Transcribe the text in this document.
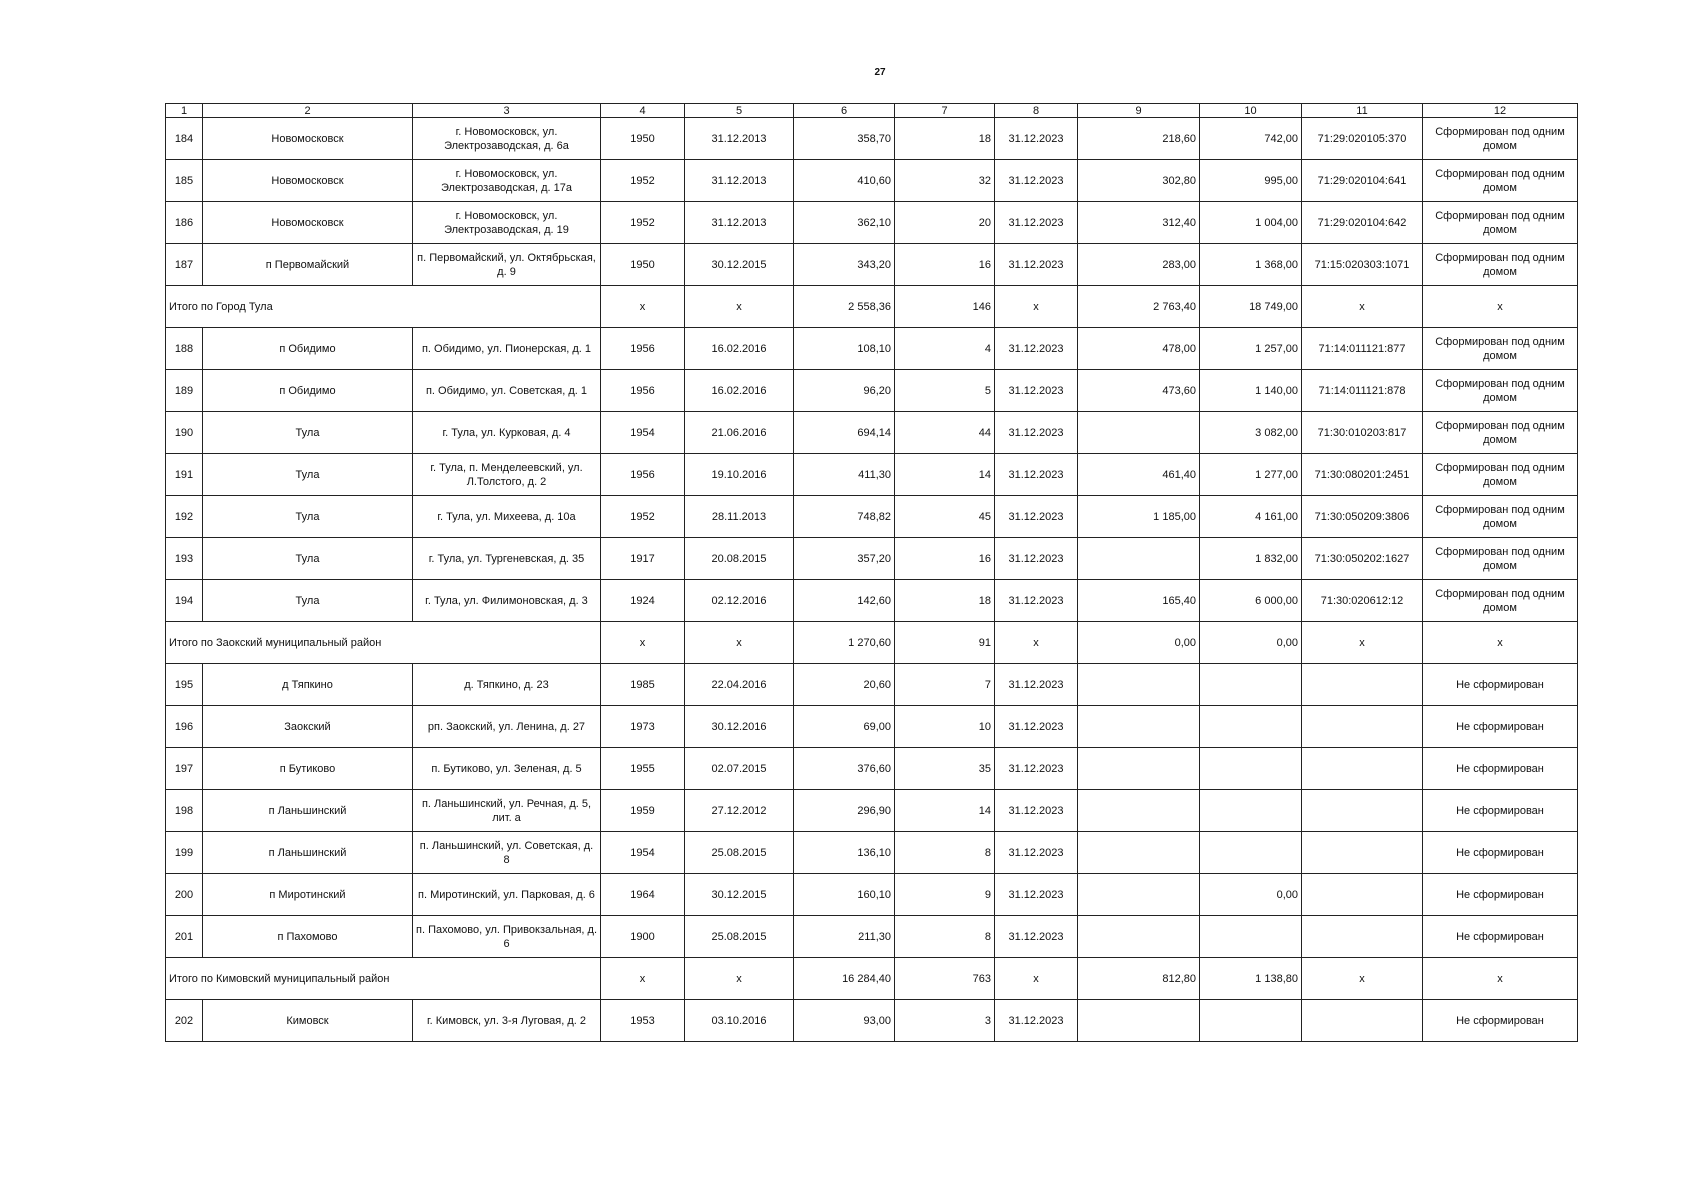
27
1	2	3	4	5	6	7	8	9	10	11	12
184	Новомосковск	г. Новомосковск, ул. Электрозаводская, д. 6а	1950	31.12.2013	358,70	18	31.12.2023	218,60	742,00	71:29:020105:370	Сформирован под одним домом
185	Новомосковск	г. Новомосковск, ул. Электрозаводская, д. 17а	1952	31.12.2013	410,60	32	31.12.2023	302,80	995,00	71:29:020104:641	Сформирован под одним домом
186	Новомосковск	г. Новомосковск, ул. Электрозаводская, д. 19	1952	31.12.2013	362,10	20	31.12.2023	312,40	1 004,00	71:29:020104:642	Сформирован под одним домом
187	п Первомайский	п. Первомайский, ул. Октябрьская, д. 9	1950	30.12.2015	343,20	16	31.12.2023	283,00	1 368,00	71:15:020303:1071	Сформирован под одним домом
Итого по Город Тула			x	x	2 558,36	146	x	2 763,40	18 749,00	x	x
188	п Обидимо	п. Обидимо, ул. Пионерская, д. 1	1956	16.02.2016	108,10	4	31.12.2023	478,00	1 257,00	71:14:011121:877	Сформирован под одним домом
189	п Обидимо	п. Обидимо, ул. Советская, д. 1	1956	16.02.2016	96,20	5	31.12.2023	473,60	1 140,00	71:14:011121:878	Сформирован под одним домом
190	Тула	г. Тула, ул. Курковая, д. 4	1954	21.06.2016	694,14	44	31.12.2023		3 082,00	71:30:010203:817	Сформирован под одним домом
191	Тула	г. Тула, п. Менделеевский, ул. Л.Толстого, д. 2	1956	19.10.2016	411,30	14	31.12.2023	461,40	1 277,00	71:30:080201:2451	Сформирован под одним домом
192	Тула	г. Тула, ул. Михеева, д. 10а	1952	28.11.2013	748,82	45	31.12.2023	1 185,00	4 161,00	71:30:050209:3806	Сформирован под одним домом
193	Тула	г. Тула, ул. Тургеневская, д. 35	1917	20.08.2015	357,20	16	31.12.2023		1 832,00	71:30:050202:1627	Сформирован под одним домом
194	Тула	г. Тула, ул. Филимоновская, д. 3	1924	02.12.2016	142,60	18	31.12.2023	165,40	6 000,00	71:30:020612:12	Сформирован под одним домом
Итого по Заокский муниципальный район			x	x	1 270,60	91	x	0,00	0,00	x	x
195	д Тяпкино	д. Тяпкино, д. 23	1985	22.04.2016	20,60	7	31.12.2023				Не сформирован
196	Заокский	рп. Заокский, ул. Ленина, д. 27	1973	30.12.2016	69,00	10	31.12.2023				Не сформирован
197	п Бутиково	п. Бутиково, ул. Зеленая, д. 5	1955	02.07.2015	376,60	35	31.12.2023				Не сформирован
198	п Ланьшинский	п. Ланьшинский, ул. Речная, д. 5, лит. а	1959	27.12.2012	296,90	14	31.12.2023				Не сформирован
199	п Ланьшинский	п. Ланьшинский, ул. Советская, д. 8	1954	25.08.2015	136,10	8	31.12.2023				Не сформирован
200	п Миротинский	п. Миротинский, ул. Парковая, д. 6	1964	30.12.2015	160,10	9	31.12.2023		0,00		Не сформирован
201	п Пахомово	п. Пахомово, ул. Привокзальная, д. 6	1900	25.08.2015	211,30	8	31.12.2023				Не сформирован
Итого по Кимовский муниципальный район			x	x	16 284,40	763	x	812,80	1 138,80	x	x
202	Кимовск	г. Кимовск, ул. 3-я Луговая, д. 2	1953	03.10.2016	93,00	3	31.12.2023				Не сформирован
